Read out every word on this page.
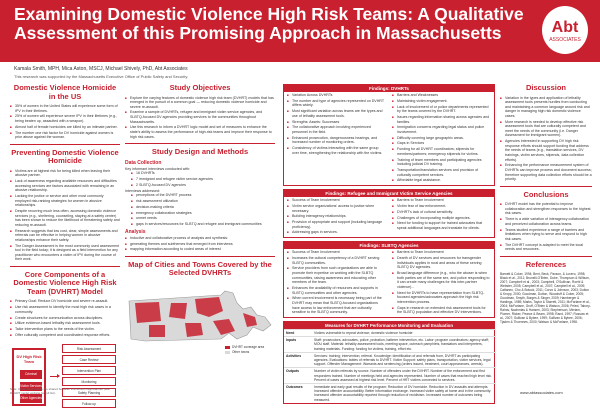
Examining Domestic Violence High Risk Teams: A Qualitative Assessment of this Promising Approach in Massachusetts	Abt
ASSOCIATES
Kamala Smith, MPH, Mica Aston, MSCJ, Michael Shively, PhD, Abt Associates
This research was supported by the Massachusetts Executive Office of Public Safety and Security.
Domestic Violence Homicide in the US
■ 35% of women in the United States will experience some form of IPV in their lifetimes.
■ 25% of women will experience severe IPV in their lifetimes (e.g., being beaten up, assaulted with a weapon).
■ Almost half of female homicides are killed by an intimate partner.
■ The number one risk factor for DV homicide against women is prior abuse against the woman.
Preventing Domestic Violence Homicide
■ Victims are at highest risk for being killed when leaving their abusive partner.
■ Lack of awareness regarding available resources and difficulties accessing services are factors associated with remaining in an abusive relationship.
■ Lacking the justice or service and other most commonly employed risk-ranking strategies for women in abusive relationships.
■ Despite recurring much less often, accessing domestic violence services (e.g., sheltering, counseling, staying at a safety center) has been shown to reduce the likelihood of threatening safety and reducing re-assault.
■ Research suggests that low cost, clear, simple assessments and referrals can be effective in helping women in abusive relationships enhance their safety.
■ The Danger Assessment is the most commonly used assessment tool in the field today; it is designed as a field intervention for any practitioner who encounters a victim of IPV during the course of their work.
Core Components of a Domestic Violence High Risk Team (DVHRT) Model
■ Primary Goal: Reduce DV homicide and severe re-assault.
■ Use risk assessment to identify the most high risk cases in a community.
■ Create structures for communication across disciplines.
■ Utilize evidence-based lethality risk assessment tools.
■ Tailor intervention plans to the needs of the victim.
■ Offer culturally competent and coordinated response efforts.
DV High Risk Team
Criminal
Victim Services
Other Agencies
Risk Assessment
Case Review
Intervention Plan
Monitoring
Safety Planning
Follow-up
Note: Other components are shared between intervention approaches (see DVHRT model website for full list).
Study Objectives
■ Explore the varying features of domestic violence high risk team (DVHRT) models that has emerged in the pursuit of a common goal — reducing domestic violence homicide and severe re-assault.
■ Examine a sample of DVHRTs, refugee and immigrant victim service agencies, and SLBTQ-focused DV agencies providing services to the communities throughout Massachusetts.
■ Use this research to inform a DVHRT logic model and set of measures to enhance the state's ability to assess the performance of high-risk teams and improve their response to high risk cases.
Study Design and Methods
Data Collection
Key informant interviews conducted with:
■ 16 DVHRTs
■ 7 immigrant and refugee victim service agencies
■ 2 SLBTQ-focused DV agencies
Interviews addressed:
■ perceptions of the DVHRT process
■ risk assessment utilization
■ decision-making criteria
■ emergency collaboration strategies
■ unmet needs
■ gaps in services/resources for SLBTQ and refugee and immigrant communities
Analysis
■ Inductive and collaborative process of analysis and synthesis:
■ generating themes and subthemes that emerged from interviews
■ mapping information according to coded areas of interest
Map of Cities and Towns Covered by the Selected DVHRTs
DVHRT coverage area
Other towns
Findings: DVHRTs
■ Variation Across DVHRTs
■ The number and type of agencies represented on DVHRT differs widely.
■ Most significant variation across teams are the types and use of lethality assessment tools.
■ Strengths: Assets: Successes
■ The collaborative approach involving experienced personnel in the field.
■ Enhanced prosecution, dangerousness hearings, and increased number of monitoring orders.
■ Consistency of victims interacting with the same group over time, strengthening the relationship with the victims.
■ Barriers and Weaknesses
■ Maintaining victim engagement.
■ Lack of involvement of or police departments represented by the teams covered by the DVHRT.
■ Issues regarding information sharing across agencies and families.
■ Immigration concerns regarding legal status and police involvement.
■ Difficulty covering large geographic areas.
■ Gaps in Services
■ Funding for all DVHRT coordinators; stipends for members/partners; emergency stipends for victims.
■ Training of team members and participating agencies including judicial DV training.
■ Transportation/translation services and provision of culturally competent services.
■ Affordable legal assistance.
Findings: Refugee and Immigrant Victim Service Agencies
■ Success of Team Involvement
■ Victim service organizations' access to justice when necessary.
■ Building interagency relationships.
■ Provision of appropriate and support (including language proficiency).
■ Addressing gaps in services.
■ Barriers to Team Involvement
■ Victim fear of law enforcement.
■ DVHRT's lack of cultural sensitivity.
■ Challenges of incorporating multiple agencies.
■ Need for funding to support for trained advocates that speak additional languages and translate for clients.
Findings: SLBTQ Agencies
■ Success of Team Involvement
■ Increases the cultural competency of a DVHRT serving SLBTQ communities.
■ Service providers from such organizations are able to promote their expertise on working with the SLBTQ communities, raising awareness and educating other members of the team.
■ Enhances the availability of resources and supports in SLBTQ communities and other agencies.
■ When current involvement is necessary being part of the DVHRT may mean that SLBTQ-focused organizations have access to law enforcement that are culturally sensitive to the SLBTQ community.
■ Barriers to Team Involvement
■ Dearth of DV services and resources for transgender individuals applies in rural and areas of these serving SLBTQ DV agencies.
■ Broad language difference (e.g., who the abuser is when both parties are of the same sex, and police responding to it can create many challenges for this inter-partner violence)...
■ Need for DVHRTs to have representation from SLBTQ-focused agencies/advocates approach the high risk intervention process.
■ Gaps in research on extended risk assessment tools for the SLBTQ population and effective DV interventions.
Measures for DVHRT Performance Monitoring and Evaluation
Need	Victims vulnerable to repeat violence; domestic violence homicide
Inputs	Staff: prosecutors, advocates, police, probation, batterer intervention, etc. Labor: program coordinators; agency staff; MOU staff. Material: lethality assessment tools, meeting space, outreach pamphlets, translators and interpreters, training materials. Funding: funding for victims, training, effort etc.
Activities	Services: training; intervention; referral. Knowledge: identification of and referrals from, DVHRT as participating agencies. Evaluations: tables of referrals to DVHRT. Victim Support: safety plans, transportation, victim services, legal support. Offender Management: Warrants and sentencing (orders issued, treatment, court appearances, arrests).
Outputs	Number of victim referrals by source. Number of offenders under the DVHRT. Number of the enforcement and first responders trained. Number of meetings held and agencies represented. Number of cases that reached high level risk. Percent of cases assessed at highest risk level. Percent of HRT victims connected to services.
Outcomes	Immediate and early goal results of the program: Reduction of DV homicide. Reduction in DV assaults and attempts. Increased offender accountability. Better information exchange. Increased victim safety at home and in the community. Increased offender accountability reported through reduction of recidivism. Increased number of outcomes being measured.
Discussion
■ Variation in the types and application of lethality assessment tools presents hurdles from conducting and maintaining a common language around risk and danger in managing high risk domestic violence cases.
■ More research is needed to develop effective risk assessment tools that are culturally competent and meet the needs of the community (i.e. Danger Assessment for immigrant women).
■ Agencies interested in supporting DV high risk response efforts should support funding that address the needs of teams (e.g., translation services, DV trainings, victim services, stipends, data collection efforts).
■ Enhancing the performance measurement system of DVHRTs can improve process and document success; therefore supporting data collection efforts should be a priority.
Conclusions
■ DVHRT model has the potential to improve collaboration and strengthen responses to the highest risk cases.
■ There is a wide variation of interagency collaboration and perceived collaboration across teams.
■ Teams studied experience a range of barriers and limitations when trying to serve and respond to high risk cases.
■ The DVHRT concept is adapted to meet the local needs and resources.
References
Barnett & Coker, 1994; Bent, Beck, Paxson, & Lovero, 1998; Black et al., 2011; Brunelli-O'Brien, Dube, Thompson & Wilburn, 2007; Campbell et al., 2003; Campbell, O'Sullivan, Roehl & Webster, 2005; Campbell et al., 2007; Campbell et al., 2009; Cattaneo, Cho & Botuck, 2011; Corvo & Johnson, 2003; Dutton & Kropp, 2000; Goodman, Dutton, Woodruff & Coker, 2005; Goodman, Smyth, Borges & Singer, 2009; Hamberger & Hastings, 1989; Marks, Taylor & Starrett, 2011; McFarlane et al., 2004; McFarlane, Groff, O'Brien & Watson, 2006; Peled, Tabory-Rahav, Nachmias & Hansen, 2003; Stephenson, Mirriam, Plomer, Ricker, Pearce & Beam, 1998; Rand, 1997; Rossow et al., 2007; Sullivan & Bybee, 1999; Sullivan & Bybee, 2006; Tjaden & Thoennes, 2000; Watson & McFarlane, 1998.
www.abtassociates.com
